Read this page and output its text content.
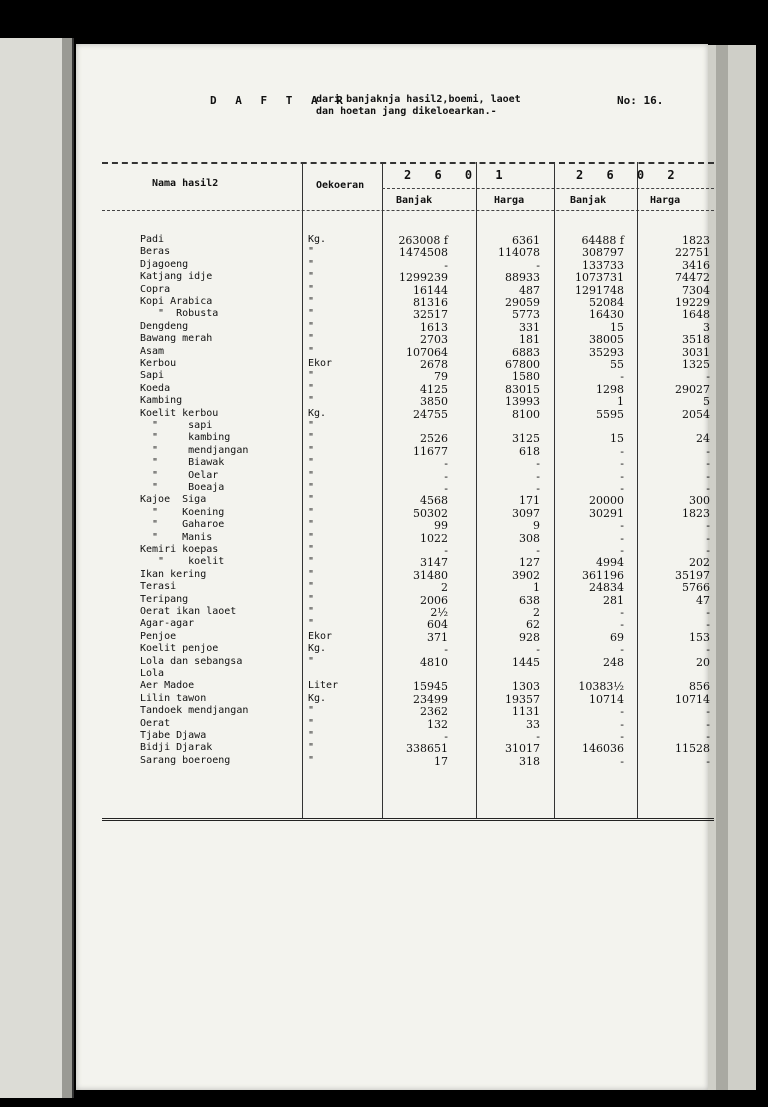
D A F T A R
dari banjaknja hasil2,boemi, laoet
dan hoetan jang dikeloearkan.-
No: 16.
Nama hasil2	Oekoeran
2 6 0 1	2 6 0 2
Banjak	Harga	Banjak	Harga
Padi	Kg.	263008 f	6361	64488 f	1823
Beras	"	1474508	114078	308797	22751
Djagoeng	"	-	-	133733	3416
Katjang idje	"	1299239	88933	1073731	74472
Copra	"	16144	487	1291748	7304
Kopi Arabica	"	81316	29059	52084	19229
"  Robusta	"	32517	5773	16430	1648
Dengdeng	"	1613	331	15	3
Bawang merah	"	2703	181	38005	3518
Asam	"	107064	6883	35293	3031
Kerbou	Ekor	2678	67800	55	1325
Sapi	"	79	1580	-	-
Koeda	"	4125	83015	1298	29027
Kambing	"	3850	13993	1	5
Koelit kerbou	Kg.	24755	8100	5595	2054
"     sapi	"
"     kambing	"	2526	3125	15	24
"     mendjangan	"	11677	618	-	-
"     Biawak	"	-	-	-	-
"     Oelar	"	-	-	-	-
"     Boeaja	"	-	-	-	-
Kajoe  Siga	"	4568	171	20000	300
"    Koening	"	50302	3097	30291	1823
"    Gaharoe	"	99	9	-	-
"    Manis	"	1022	308	-	-
Kemiri koepas	"	-	-	-	-
"    koelit	"	3147	127	4994	202
Ikan kering	"	31480	3902	361196	35197
Terasi	"	2	1	24834	5766
Teripang	"	2006	638	281	47
Oerat ikan laoet	"	2½	2	-	-
Agar-agar	"	604	62	-	-
Penjoe	Ekor	371	928	69	153
Koelit penjoe	Kg.	-	-	-	-
Lola dan sebangsa	"	4810	1445	248	20
Lola
Aer Madoe	Liter	15945	1303	10383½	856
Lilin tawon	Kg.	23499	19357	10714	10714
Tandoek mendjangan	"	2362	1131	-	-
Oerat	"	132	33	-	-
Tjabe Djawa	"	-	-	-	-
Bidji Djarak	"	338651	31017	146036	11528
Sarang boeroeng	"	17	318	-	-
